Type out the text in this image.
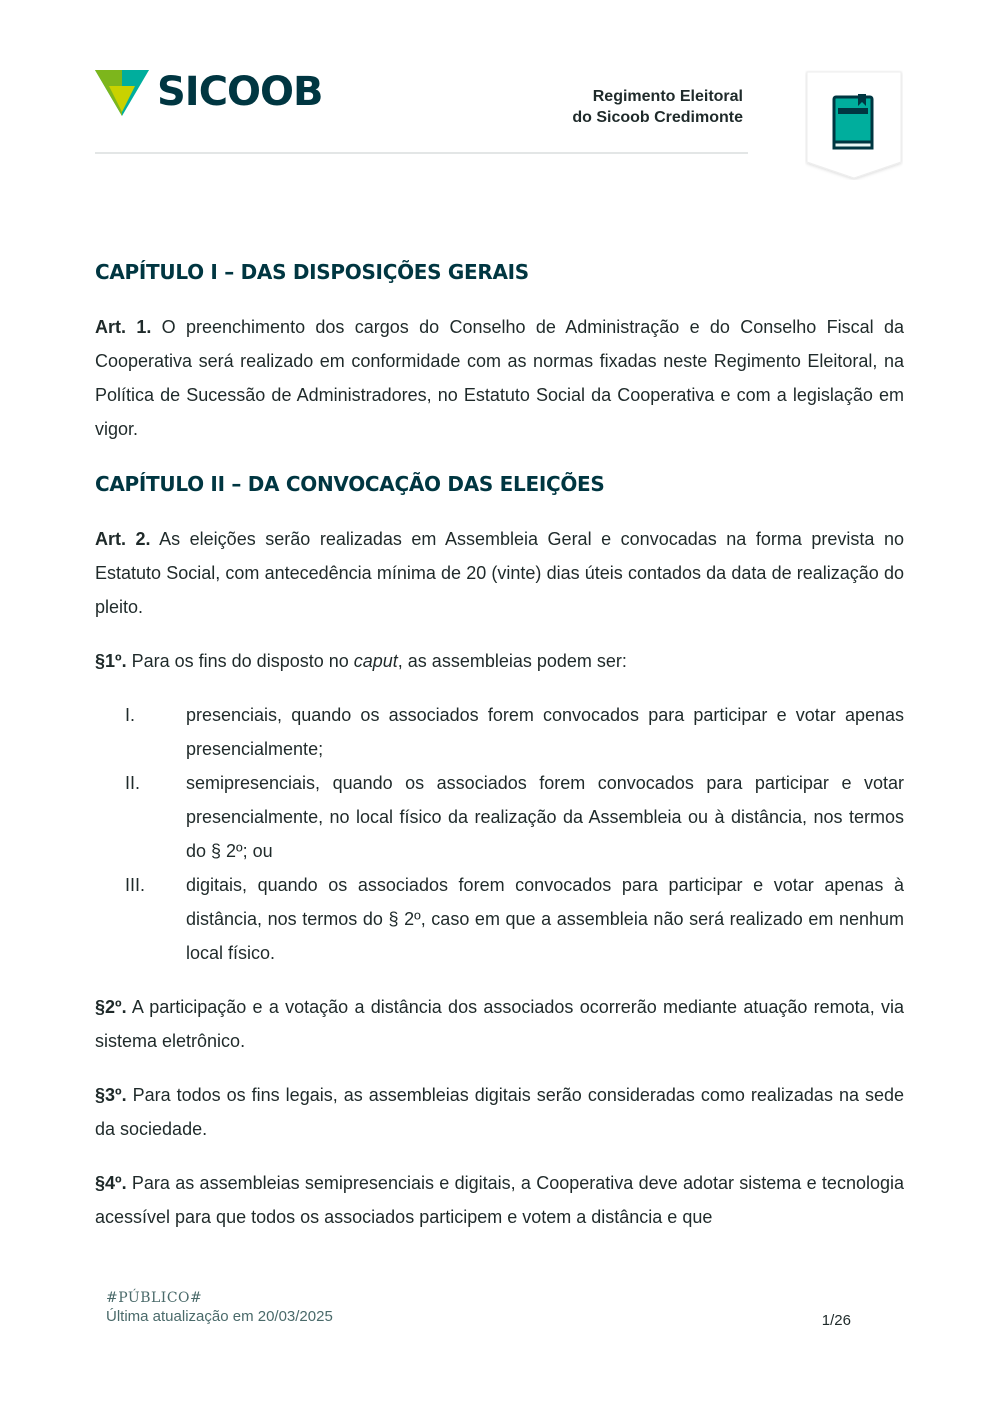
SICOOB	Regimento Eleitoral
do Sicoob Credimonte
CAPÍTULO I – DAS DISPOSIÇÕES GERAIS

Art. 1. O preenchimento dos cargos do Conselho de Administração e do Conselho Fiscal da Cooperativa será realizado em conformidade com as normas fixadas neste Regimento Eleitoral, na Política de Sucessão de Administradores, no Estatuto Social da Cooperativa e com a legislação em vigor.

CAPÍTULO II – DA CONVOCAÇÃO DAS ELEIÇÕES

Art. 2. As eleições serão realizadas em Assembleia Geral e convocadas na forma prevista no Estatuto Social, com antecedência mínima de 20 (vinte) dias úteis contados da data de realização do pleito.

§1º. Para os fins do disposto no caput, as assembleias podem ser:

I.	presenciais, quando os associados forem convocados para participar e votar apenas presencialmente;
II.	semipresenciais, quando os associados forem convocados para participar e votar presencialmente, no local físico da realização da Assembleia ou à distância, nos termos do § 2º; ou
III.	digitais, quando os associados forem convocados para participar e votar apenas à distância, nos termos do § 2º, caso em que a assembleia não será realizado em nenhum local físico.

§2º. A participação e a votação a distância dos associados ocorrerão mediante atuação remota, via sistema eletrônico.

§3º. Para todos os fins legais, as assembleias digitais serão consideradas como realizadas na sede da sociedade.

§4º. Para as assembleias semipresenciais e digitais, a Cooperativa deve adotar sistema e tecnologia acessível para que todos os associados participem e votem a distância e que

#PÚBLICO#
Última atualização em 20/03/2025	1/26
